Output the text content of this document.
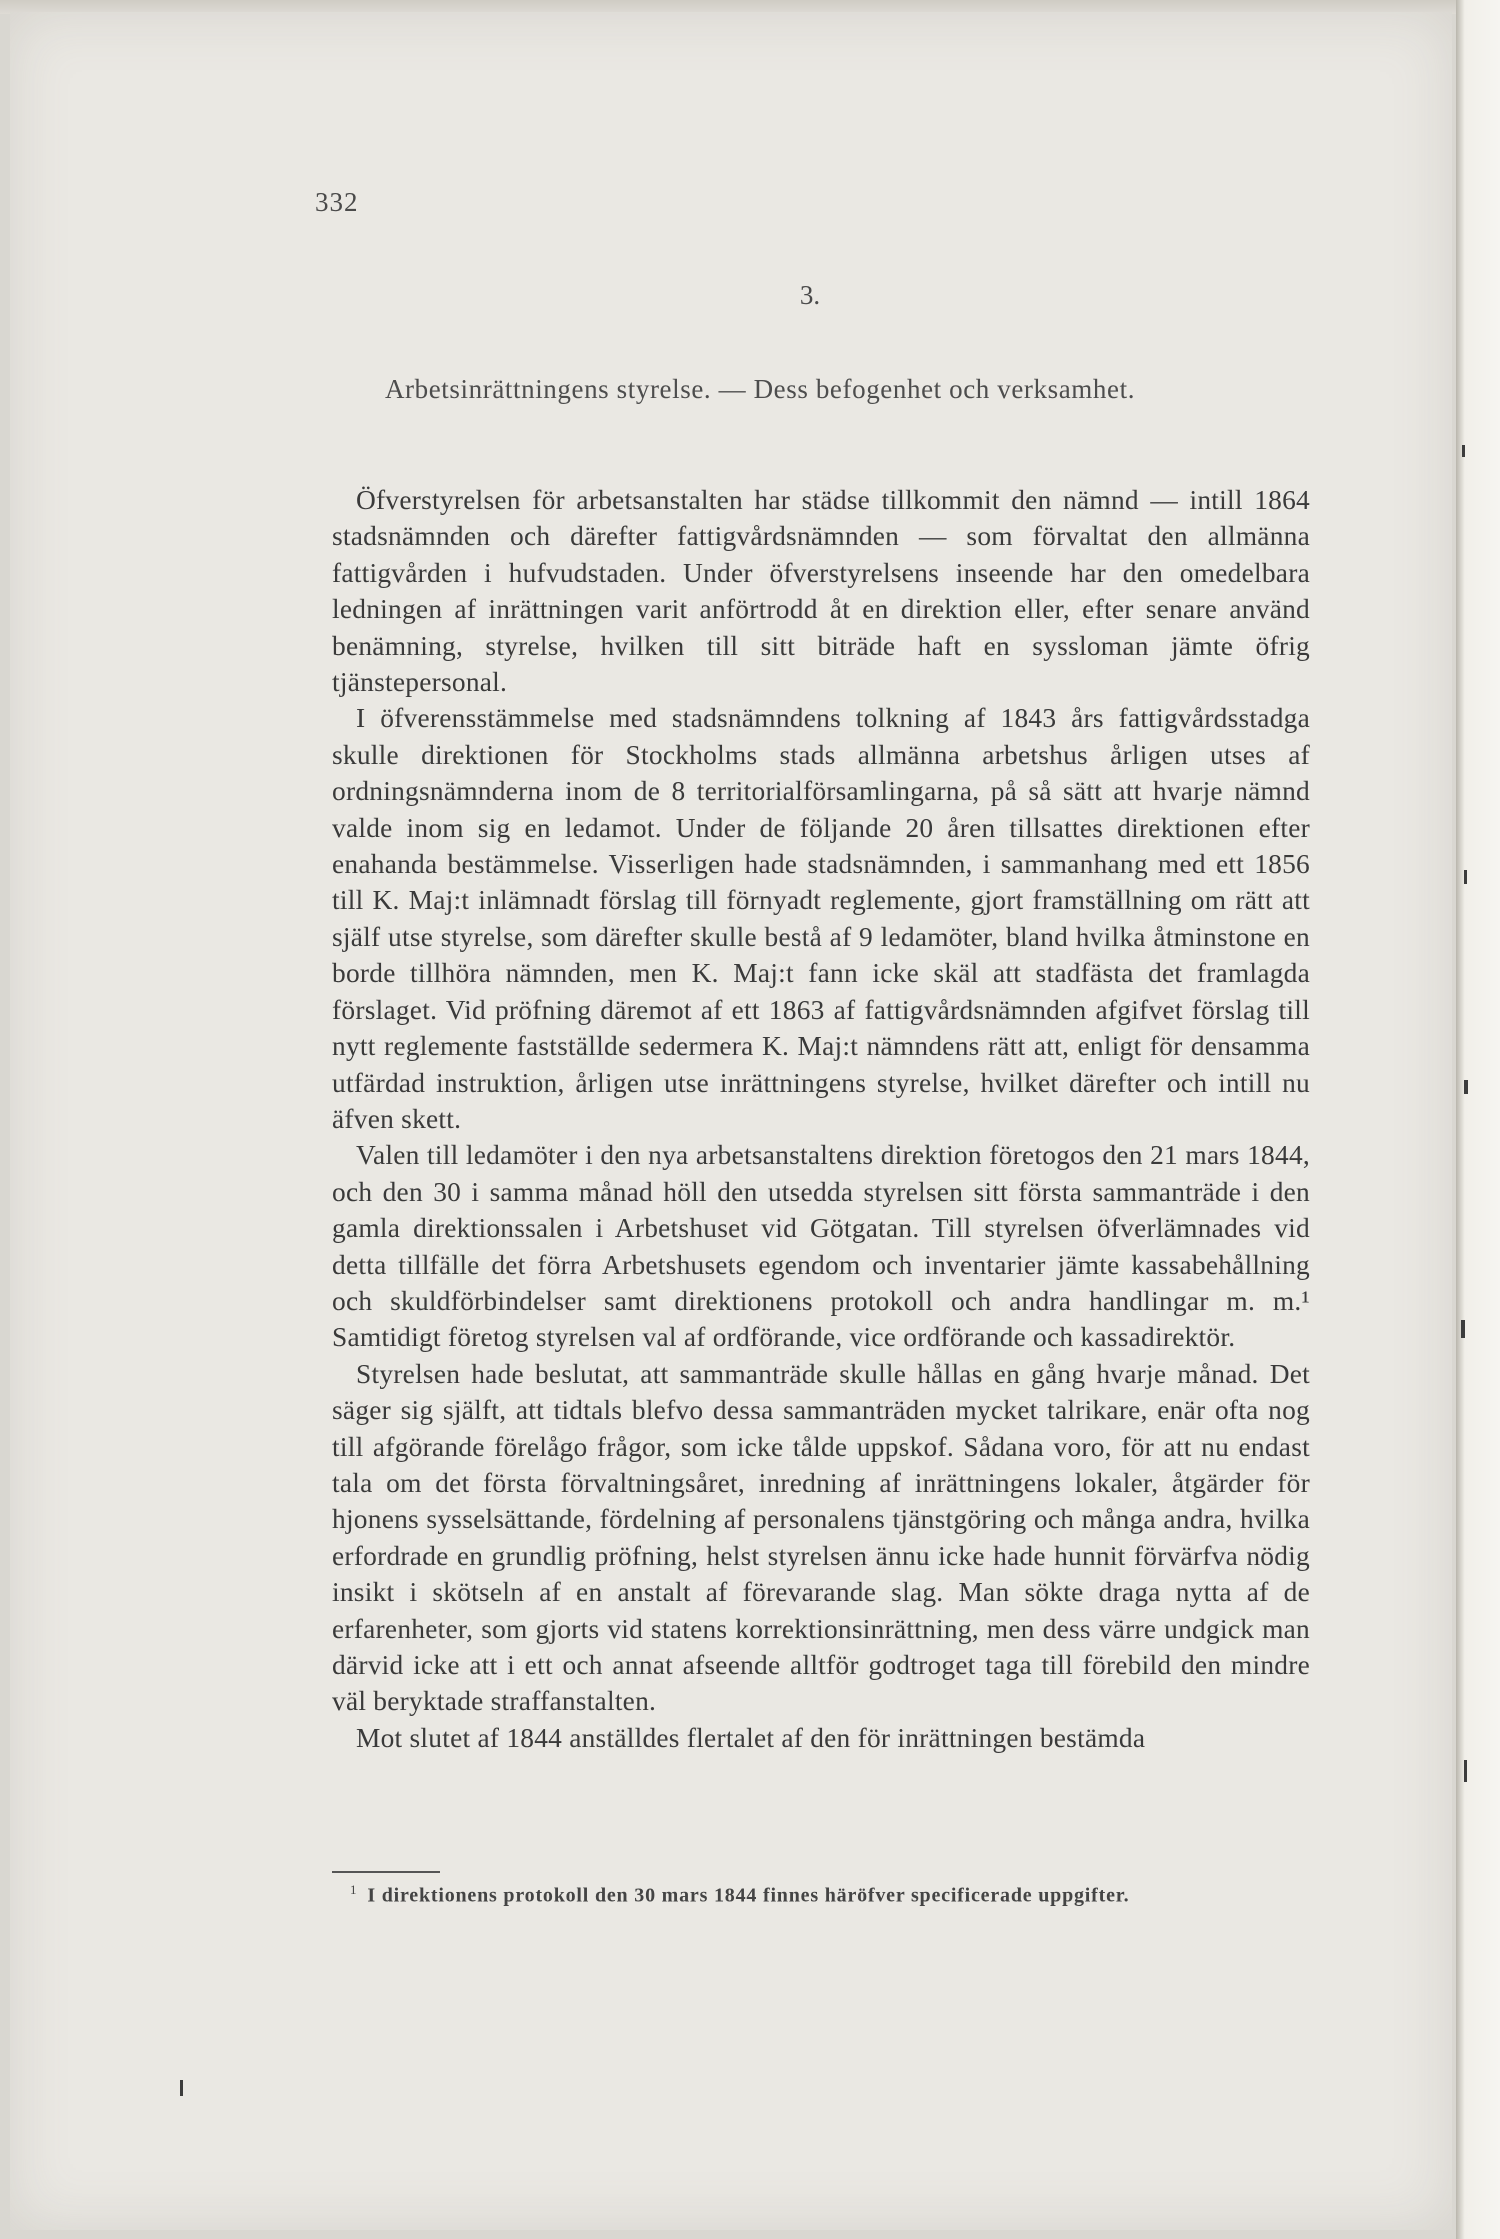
332
3.
Arbetsinrättningens styrelse. — Dess befogenhet och verksamhet.

Öfverstyrelsen för arbetsanstalten har städse tillkommit den nämnd — intill 1864 stadsnämnden och därefter fattigvårdsnämnden — som förvaltat den allmänna fattigvården i hufvudstaden. Under öfverstyrelsens inseende har den omedelbara ledningen af inrättningen varit anförtrodd åt en direktion eller, efter senare använd benämning, styrelse, hvilken till sitt biträde haft en syssloman jämte öfrig tjänstepersonal.

I öfverensstämmelse med stadsnämndens tolkning af 1843 års fattigvårdsstadga skulle direktionen för Stockholms stads allmänna arbetshus årligen utses af ordningsnämnderna inom de 8 territorialförsamlingarna, på så sätt att hvarje nämnd valde inom sig en ledamot. Under de följande 20 åren tillsattes direktionen efter enahanda bestämmelse. Visserligen hade stadsnämnden, i sammanhang med ett 1856 till K. Maj:t inlämnadt förslag till förnyadt reglemente, gjort framställning om rätt att själf utse styrelse, som därefter skulle bestå af 9 ledamöter, bland hvilka åtminstone en borde tillhöra nämnden, men K. Maj:t fann icke skäl att stadfästa det framlagda förslaget. Vid pröfning däremot af ett 1863 af fattigvårdsnämnden afgifvet förslag till nytt reglemente fastställde sedermera K. Maj:t nämndens rätt att, enligt för densamma utfärdad instruktion, årligen utse inrättningens styrelse, hvilket därefter och intill nu äfven skett.

Valen till ledamöter i den nya arbetsanstaltens direktion företogos den 21 mars 1844, och den 30 i samma månad höll den utsedda styrelsen sitt första sammanträde i den gamla direktionssalen i Arbetshuset vid Götgatan. Till styrelsen öfverlämnades vid detta tillfälle det förra Arbetshusets egendom och inventarier jämte kassabehållning och skuldförbindelser samt direktionens protokoll och andra handlingar m. m.¹ Samtidigt företog styrelsen val af ordförande, vice ordförande och kassadirektör.

Styrelsen hade beslutat, att sammanträde skulle hållas en gång hvarje månad. Det säger sig själft, att tidtals blefvo dessa sammanträden mycket talrikare, enär ofta nog till afgörande förelågo frågor, som icke tålde uppskof. Sådana voro, för att nu endast tala om det första förvaltningsåret, inredning af inrättningens lokaler, åtgärder för hjonens sysselsättande, fördelning af personalens tjänstgöring och många andra, hvilka erfordrade en grundlig pröfning, helst styrelsen ännu icke hade hunnit förvärfva nödig insikt i skötseln af en anstalt af förevarande slag. Man sökte draga nytta af de erfarenheter, som gjorts vid statens korrektionsinrättning, men dess värre undgick man därvid icke att i ett och annat afseende alltför godtroget taga till förebild den mindre väl beryktade straffanstalten.

Mot slutet af 1844 anställdes flertalet af den för inrättningen bestämda

$^1$ I direktionens protokoll den 30 mars 1844 finnes häröfver specificerade uppgifter.
